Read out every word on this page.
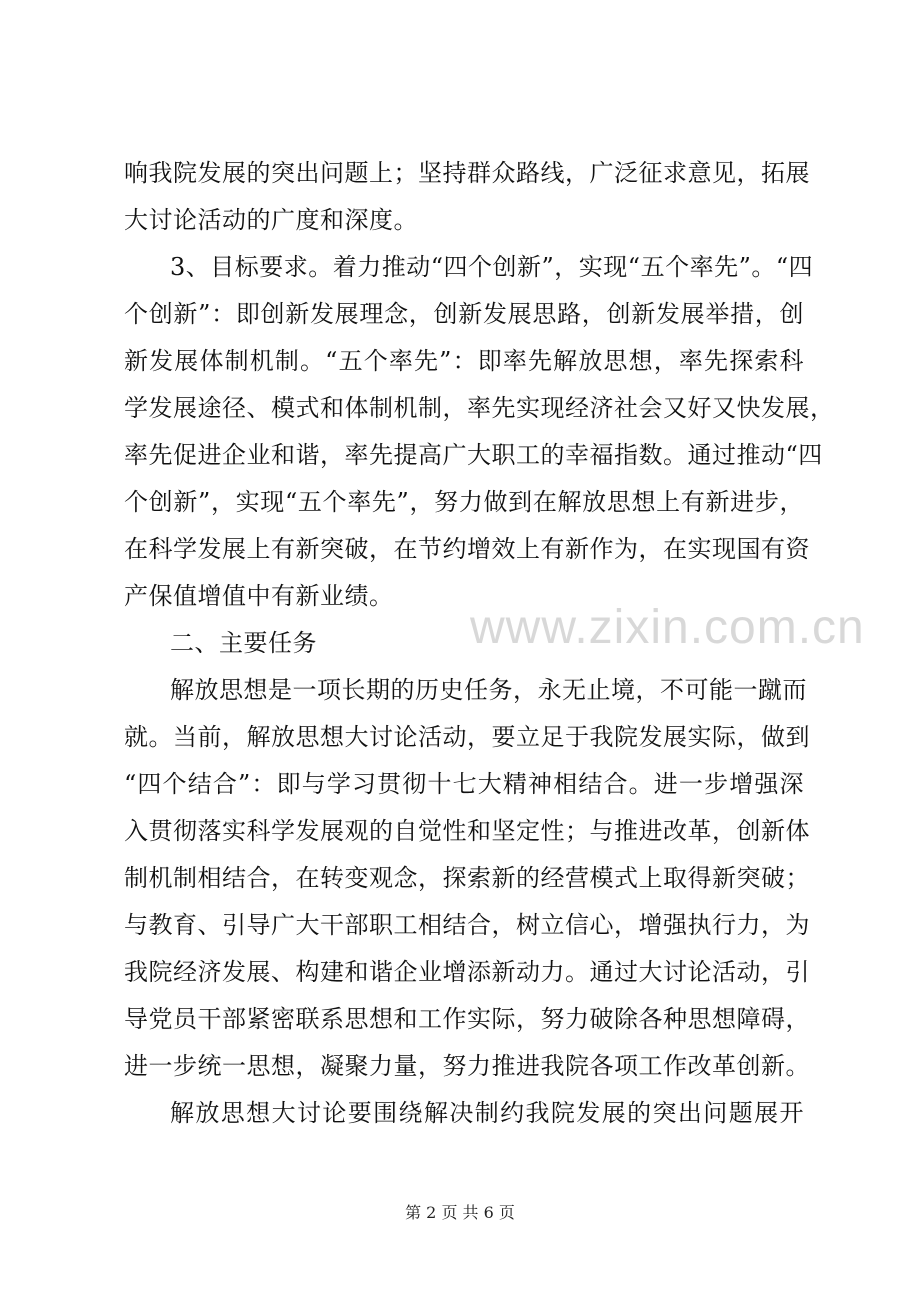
响我院发展的突出问题上；坚持群众路线，广泛征求意见，拓展
大讨论活动的广度和深度。
3、目标要求。着力推动“四个创新”，实现“五个率先”。“四
个创新”：即创新发展理念，创新发展思路，创新发展举措，创
新发展体制机制。“五个率先”：即率先解放思想，率先探索科
学发展途径、模式和体制机制，率先实现经济社会又好又快发展，
率先促进企业和谐，率先提高广大职工的幸福指数。通过推动“四
个创新”，实现“五个率先”，努力做到在解放思想上有新进步，
在科学发展上有新突破，在节约增效上有新作为，在实现国有资
产保值增值中有新业绩。
二、主要任务
解放思想是一项长期的历史任务，永无止境，不可能一蹴而
就。当前，解放思想大讨论活动，要立足于我院发展实际，做到
“四个结合”：即与学习贯彻十七大精神相结合。进一步增强深
入贯彻落实科学发展观的自觉性和坚定性；与推进改革，创新体
制机制相结合，在转变观念，探索新的经营模式上取得新突破；
与教育、引导广大干部职工相结合，树立信心，增强执行力，为
我院经济发展、构建和谐企业增添新动力。通过大讨论活动，引
导党员干部紧密联系思想和工作实际，努力破除各种思想障碍，
进一步统一思想，凝聚力量，努力推进我院各项工作改革创新。
解放思想大讨论要围绕解决制约我院发展的突出问题展开
www.zixin.com.cn
第 2 页 共 6 页
